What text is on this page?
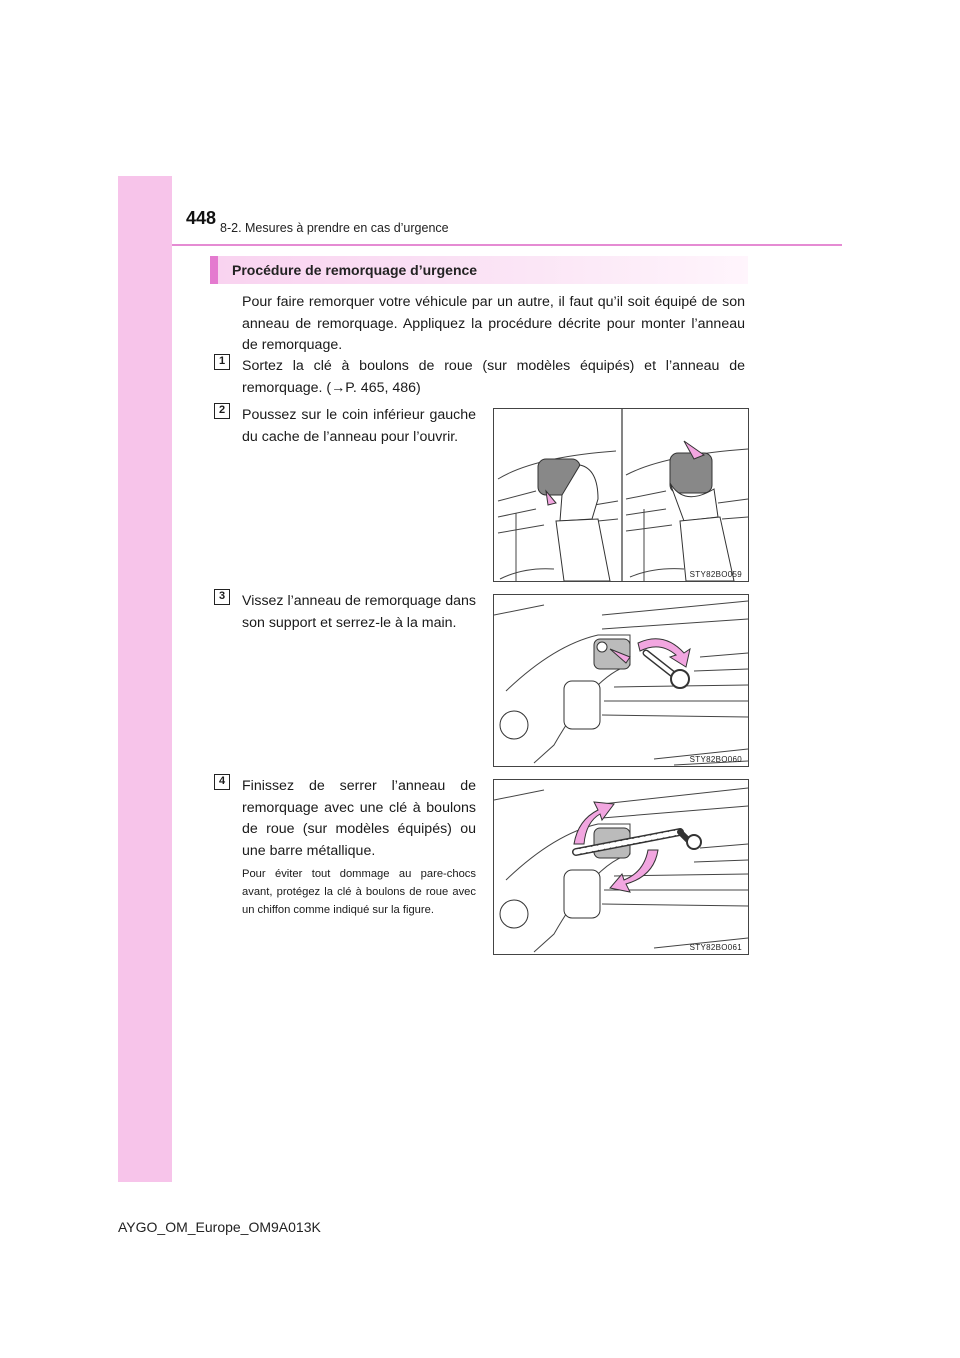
448 8-2. Mesures à prendre en cas d’urgence
Procédure de remorquage d’urgence
Pour faire remorquer votre véhicule par un autre, il faut qu’il soit équipé de son anneau de remorquage. Appliquez la procédure décrite pour monter l’anneau de remorquage.
1	Sortez la clé à boulons de roue (sur modèles équipés) et l’anneau de remorquage. (→P. 465, 486)
2	Poussez sur le coin inférieur gauche du cache de l’anneau pour l’ouvrir.
STY82BO059
3	Vissez l’anneau de remorquage dans son support et serrez-le à la main.
STY82BO060
4	Finissez de serrer l’anneau de remorquage avec une clé à boulons de roue (sur modèles équipés) ou une barre métallique.
Pour éviter tout dommage au pare-chocs avant, protégez la clé à boulons de roue avec un chiffon comme indiqué sur la figure.
STY82BO061
AYGO_OM_Europe_OM9A013K
